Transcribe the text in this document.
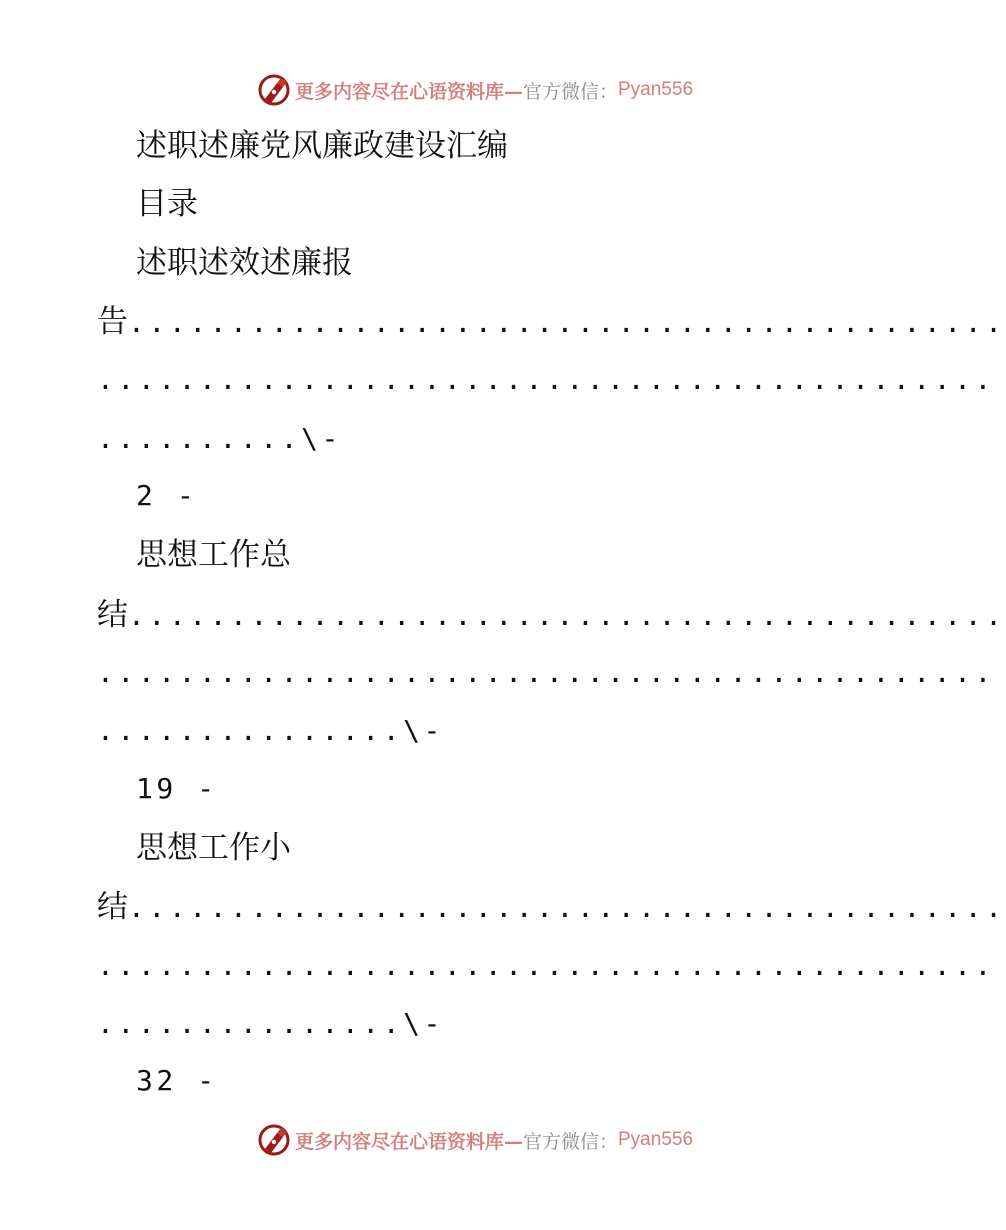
更多内容尽在心语资料库— 官方微信： Pyan556
述职述廉党风廉政建设汇编
目录
述职述效述廉报
告...........................................
............................................
..........\-
2 -
思想工作总
结...........................................
............................................
...............\-
19 -
思想工作小
结...........................................
............................................
...............\-
32 -
更多内容尽在心语资料库— 官方微信： Pyan556
